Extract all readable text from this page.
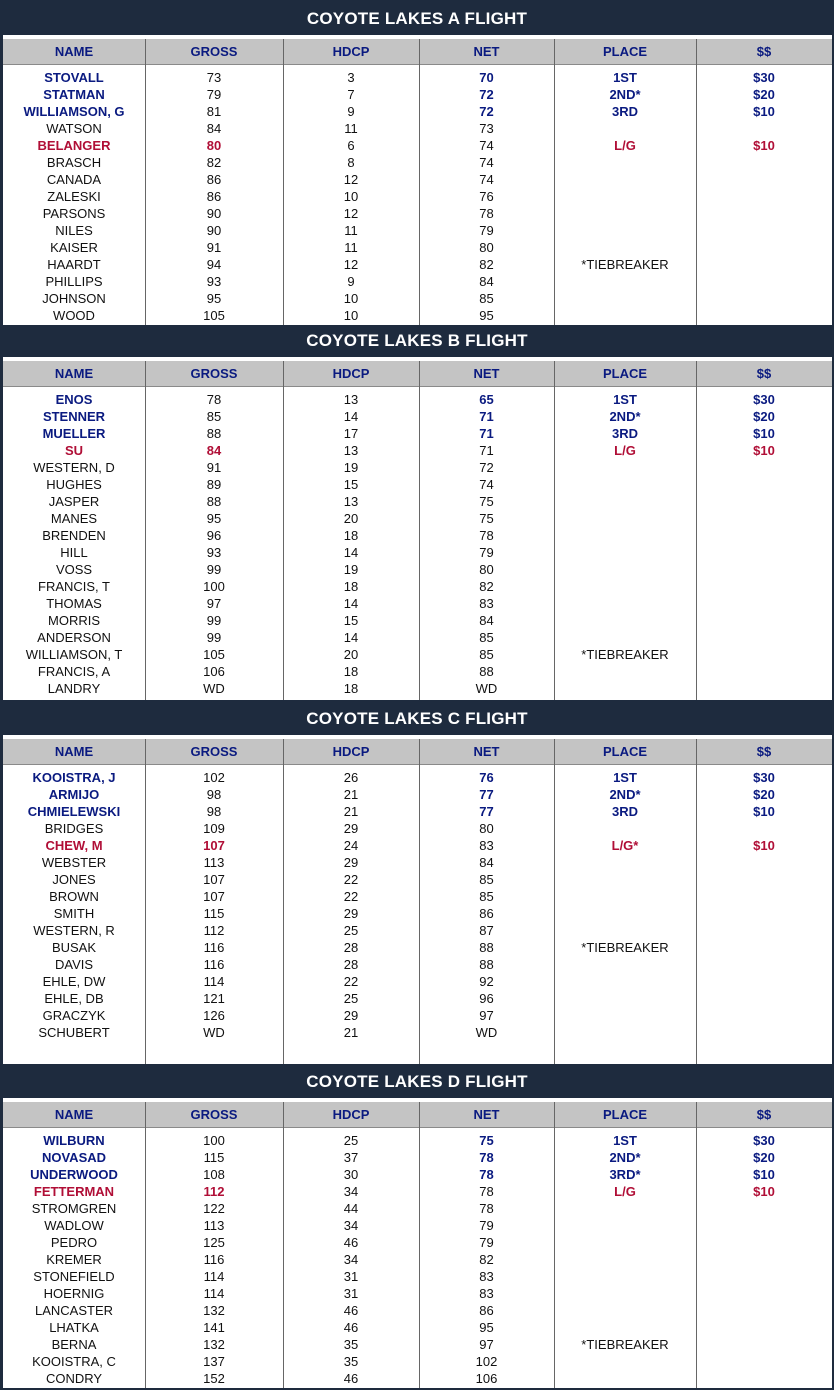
COYOTE LAKES A FLIGHT
NAME	GROSS	HDCP	NET	PLACE	$$
STOVALL	73	3	70	1ST	$30
STATMAN	79	7	72	2ND*	$20
WILLIAMSON, G	81	9	72	3RD	$10
WATSON	84	11	73
BELANGER	80	6	74	L/G	$10
BRASCH	82	8	74
CANADA	86	12	74
ZALESKI	86	10	76
PARSONS	90	12	78
NILES	90	11	79
KAISER	91	11	80
HAARDT	94	12	82	*TIEBREAKER
PHILLIPS	93	9	84
JOHNSON	95	10	85
WOOD	105	10	95
COYOTE LAKES B FLIGHT
NAME	GROSS	HDCP	NET	PLACE	$$
ENOS	78	13	65	1ST	$30
STENNER	85	14	71	2ND*	$20
MUELLER	88	17	71	3RD	$10
SU	84	13	71	L/G	$10
WESTERN, D	91	19	72
HUGHES	89	15	74
JASPER	88	13	75
MANES	95	20	75
BRENDEN	96	18	78
HILL	93	14	79
VOSS	99	19	80
FRANCIS, T	100	18	82
THOMAS	97	14	83
MORRIS	99	15	84
ANDERSON	99	14	85
WILLIAMSON, T	105	20	85	*TIEBREAKER
FRANCIS, A	106	18	88
LANDRY	WD	18	WD
COYOTE LAKES C FLIGHT
NAME	GROSS	HDCP	NET	PLACE	$$
KOOISTRA, J	102	26	76	1ST	$30
ARMIJO	98	21	77	2ND*	$20
CHMIELEWSKI	98	21	77	3RD	$10
BRIDGES	109	29	80
CHEW, M	107	24	83	L/G*	$10
WEBSTER	113	29	84
JONES	107	22	85
BROWN	107	22	85
SMITH	115	29	86
WESTERN, R	112	25	87
BUSAK	116	28	88	*TIEBREAKER
DAVIS	116	28	88
EHLE, DW	114	22	92
EHLE, DB	121	25	96
GRACZYK	126	29	97
SCHUBERT	WD	21	WD
COYOTE LAKES D FLIGHT
NAME	GROSS	HDCP	NET	PLACE	$$
WILBURN	100	25	75	1ST	$30
NOVASAD	115	37	78	2ND*	$20
UNDERWOOD	108	30	78	3RD*	$10
FETTERMAN	112	34	78	L/G	$10
STROMGREN	122	44	78
WADLOW	113	34	79
PEDRO	125	46	79
KREMER	116	34	82
STONEFIELD	114	31	83
HOERNIG	114	31	83
LANCASTER	132	46	86
LHATKA	141	46	95
BERNA	132	35	97	*TIEBREAKER
KOOISTRA, C	137	35	102
CONDRY	152	46	106
